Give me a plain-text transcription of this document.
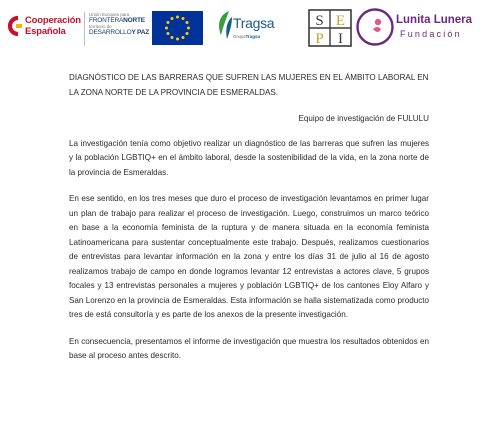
Cooperación
Española
Unión Europea para
FRONTERANORTE
territorio de
DESARROLLOY PAZ
Tragsa
GrupoTragsa
S E
P I
Lunita Lunera
Fundación

DIAGNÓSTICO DE LAS BARRERAS QUE SUFREN LAS MUJERES EN EL ÁMBITO LABORAL EN LA ZONA NORTE DE LA PROVINCIA DE ESMERALDAS.

Equipo de investigación de FULULU

La investigación tenía como objetivo realizar un diagnóstico de las barreras que sufren las mujeres y la población LGBTIQ+ en el ámbito laboral, desde la sostenibilidad de la vida, en la zona norte de la provincia de Esmeraldas.

En ese sentido, en los tres meses que duro el proceso de investigación levantamos en primer lugar un plan de trabajo para realizar el proceso de investigación. Luego, construimos un marco teórico en base a la economía feminista de la ruptura y de manera situada en la economía feminista Latinoamericana para sustentar conceptualmente este trabajo. Después, realizamos cuestionarios de entrevistas para levantar información en la zona y entre los días 31 de julio al 16 de agosto realizamos trabajo de campo en donde logramos levantar 12 entrevistas a actores clave, 5 grupos focales y 13 entrevistas personales a mujeres y población LGBTIQ+ de los cantones Eloy Alfaro y San Lorenzo en la provincia de Esmeraldas. Esta información se halla sistematizada como producto tres de está consultoría y es parte de los anexos de la presente investigación.

En consecuencia, presentamos el informe de investigación que muestra los resultados obtenidos en base al proceso antes descrito.
